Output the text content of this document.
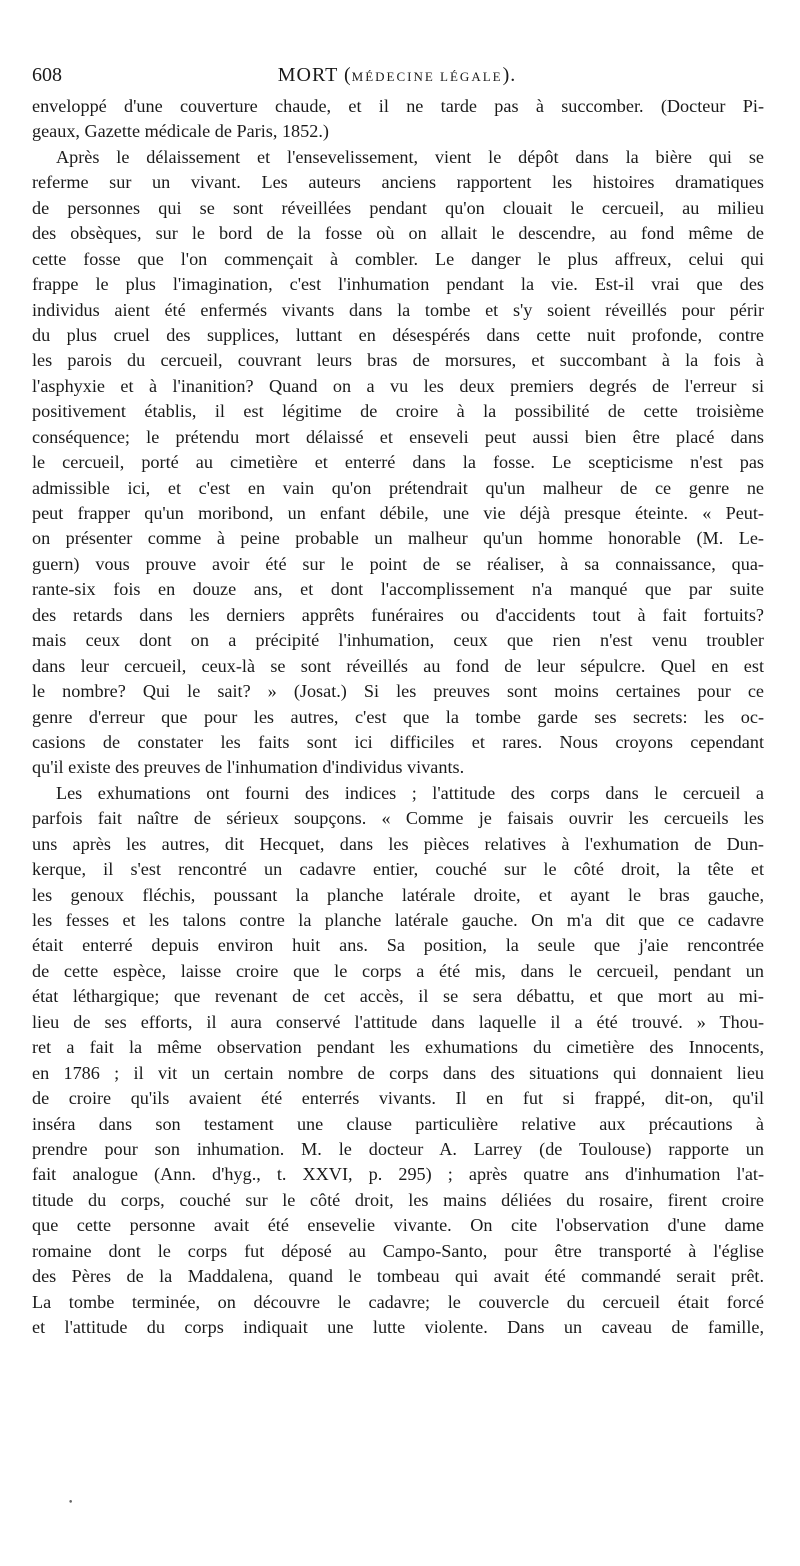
608	MORT (MÉDECINE LÉGALE).
enveloppé d'une couverture chaude, et il ne tarde pas à succomber. (Docteur Pi-
geaux, Gazette médicale de Paris, 1852.)
Après le délaissement et l'ensevelissement, vient le dépôt dans la bière qui se
referme sur un vivant. Les auteurs anciens rapportent les histoires dramatiques
de personnes qui se sont réveillées pendant qu'on clouait le cercueil, au milieu
des obsèques, sur le bord de la fosse où on allait le descendre, au fond même de
cette fosse que l'on commençait à combler. Le danger le plus affreux, celui qui
frappe le plus l'imagination, c'est l'inhumation pendant la vie. Est-il vrai que des
individus aient été enfermés vivants dans la tombe et s'y soient réveillés pour périr
du plus cruel des supplices, luttant en désespérés dans cette nuit profonde, contre
les parois du cercueil, couvrant leurs bras de morsures, et succombant à la fois à
l'asphyxie et à l'inanition? Quand on a vu les deux premiers degrés de l'erreur si
positivement établis, il est légitime de croire à la possibilité de cette troisième
conséquence; le prétendu mort délaissé et enseveli peut aussi bien être placé dans
le cercueil, porté au cimetière et enterré dans la fosse. Le scepticisme n'est pas
admissible ici, et c'est en vain qu'on prétendrait qu'un malheur de ce genre ne
peut frapper qu'un moribond, un enfant débile, une vie déjà presque éteinte. « Peut-
on présenter comme à peine probable un malheur qu'un homme honorable (M. Le-
guern) vous prouve avoir été sur le point de se réaliser, à sa connaissance, qua-
rante-six fois en douze ans, et dont l'accomplissement n'a manqué que par suite
des retards dans les derniers apprêts funéraires ou d'accidents tout à fait fortuits?
mais ceux dont on a précipité l'inhumation, ceux que rien n'est venu troubler
dans leur cercueil, ceux-là se sont réveillés au fond de leur sépulcre. Quel en est
le nombre? Qui le sait? » (Josat.) Si les preuves sont moins certaines pour ce
genre d'erreur que pour les autres, c'est que la tombe garde ses secrets: les oc-
casions de constater les faits sont ici difficiles et rares. Nous croyons cependant
qu'il existe des preuves de l'inhumation d'individus vivants.
Les exhumations ont fourni des indices ; l'attitude des corps dans le cercueil a
parfois fait naître de sérieux soupçons. « Comme je faisais ouvrir les cercueils les
uns après les autres, dit Hecquet, dans les pièces relatives à l'exhumation de Dun-
kerque, il s'est rencontré un cadavre entier, couché sur le côté droit, la tête et
les genoux fléchis, poussant la planche latérale droite, et ayant le bras gauche,
les fesses et les talons contre la planche latérale gauche. On m'a dit que ce cadavre
était enterré depuis environ huit ans. Sa position, la seule que j'aie rencontrée
de cette espèce, laisse croire que le corps a été mis, dans le cercueil, pendant un
état léthargique; que revenant de cet accès, il se sera débattu, et que mort au mi-
lieu de ses efforts, il aura conservé l'attitude dans laquelle il a été trouvé. » Thou-
ret a fait la même observation pendant les exhumations du cimetière des Innocents,
en 1786 ; il vit un certain nombre de corps dans des situations qui donnaient lieu
de croire qu'ils avaient été enterrés vivants. Il en fut si frappé, dit-on, qu'il
inséra dans son testament une clause particulière relative aux précautions à
prendre pour son inhumation. M. le docteur A. Larrey (de Toulouse) rapporte un
fait analogue (Ann. d'hyg., t. XXVI, p. 295) ; après quatre ans d'inhumation l'at-
titude du corps, couché sur le côté droit, les mains déliées du rosaire, firent croire
que cette personne avait été ensevelie vivante. On cite l'observation d'une dame
romaine dont le corps fut déposé au Campo-Santo, pour être transporté à l'église
des Pères de la Maddalena, quand le tombeau qui avait été commandé serait prêt.
La tombe terminée, on découvre le cadavre; le couvercle du cercueil était forcé
et l'attitude du corps indiquait une lutte violente. Dans un caveau de famille,
•
